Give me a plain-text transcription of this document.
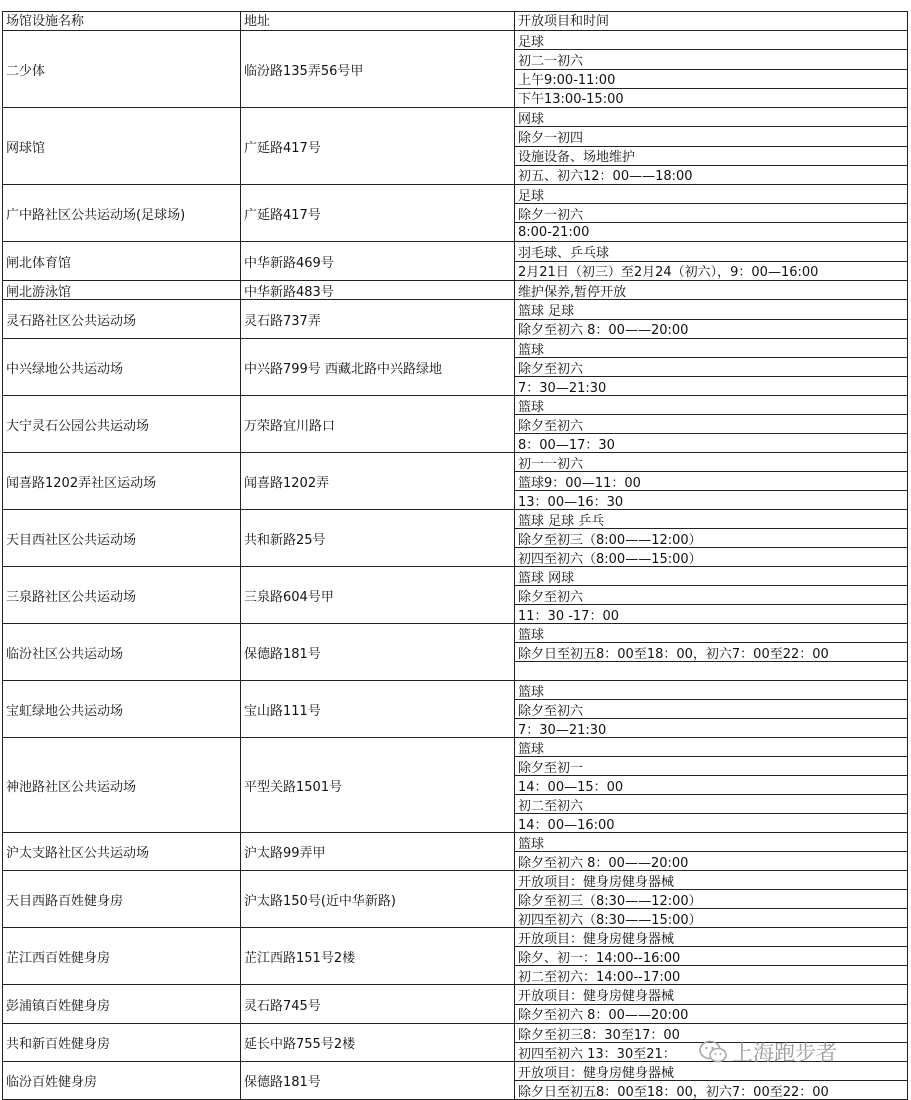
场馆设施名称	地址	开放项目和时间
二少体	临汾路135弄56号甲
足球
初二一初六
上午9:00-11:00
下午13:00-15:00
网球馆	广延路417号
网球
除夕一初四
设施设备、场地维护
初五、初六12：00——18:00
广中路社区公共运动场(足球场)	广延路417号
足球
除夕一初六
8:00-21:00
闸北体育馆	中华新路469号
羽毛球、乒乓球
2月21日（初三）至2月24（初六），9：00—16:00
闸北游泳馆	中华新路483号	维护保养,暂停开放
灵石路社区公共运动场	灵石路737弄
篮球 足球
除夕至初六 8：00——20:00
中兴绿地公共运动场	中兴路799号 西藏北路中兴路绿地
篮球
除夕至初六
7：30—21:30
大宁灵石公园公共运动场	万荣路宜川路口
篮球
除夕至初六
8：00—17：30
闻喜路1202弄社区运动场	闻喜路1202弄
初一一初六
篮球9：00—11：00
13：00—16：30
天目西社区公共运动场	共和新路25号
篮球 足球 乒乓
除夕至初三（8:00——12:00）
初四至初六（8:00——15:00）
三泉路社区公共运动场	三泉路604号甲
篮球 网球
除夕至初六
11：30 -17：00
临汾社区公共运动场	保德路181号
篮球
除夕日至初五8：00至18：00，初六7：00至22：00
宝虹绿地公共运动场	宝山路111号
篮球
除夕至初六
7：30—21:30
神池路社区公共运动场	平型关路1501号
篮球
除夕至初一
14：00—15：00
初二至初六
14：00—16:00
沪太支路社区公共运动场	沪太路99弄甲
篮球
除夕至初六 8：00——20:00
天目西路百姓健身房	沪太路150号(近中华新路)
开放项目：健身房健身器械
除夕至初三（8:30——12:00）
初四至初六（8:30——15:00）
芷江西百姓健身房	芷江西路151号2楼
开放项目：健身房健身器械
除夕、初一：14:00--16:00
初二至初六：14:00--17:00
彭浦镇百姓健身房	灵石路745号
开放项目：健身房健身器械
除夕至初六 8：00——20:00
共和新百姓健身房	延长中路755号2楼
除夕至初三8：30至17：00
初四至初六 13：30至21：
临汾百姓健身房	保德路181号
开放项目：健身房健身器械
除夕日至初五8：00至18：00，初六7：00至22：00
上海跑步者
